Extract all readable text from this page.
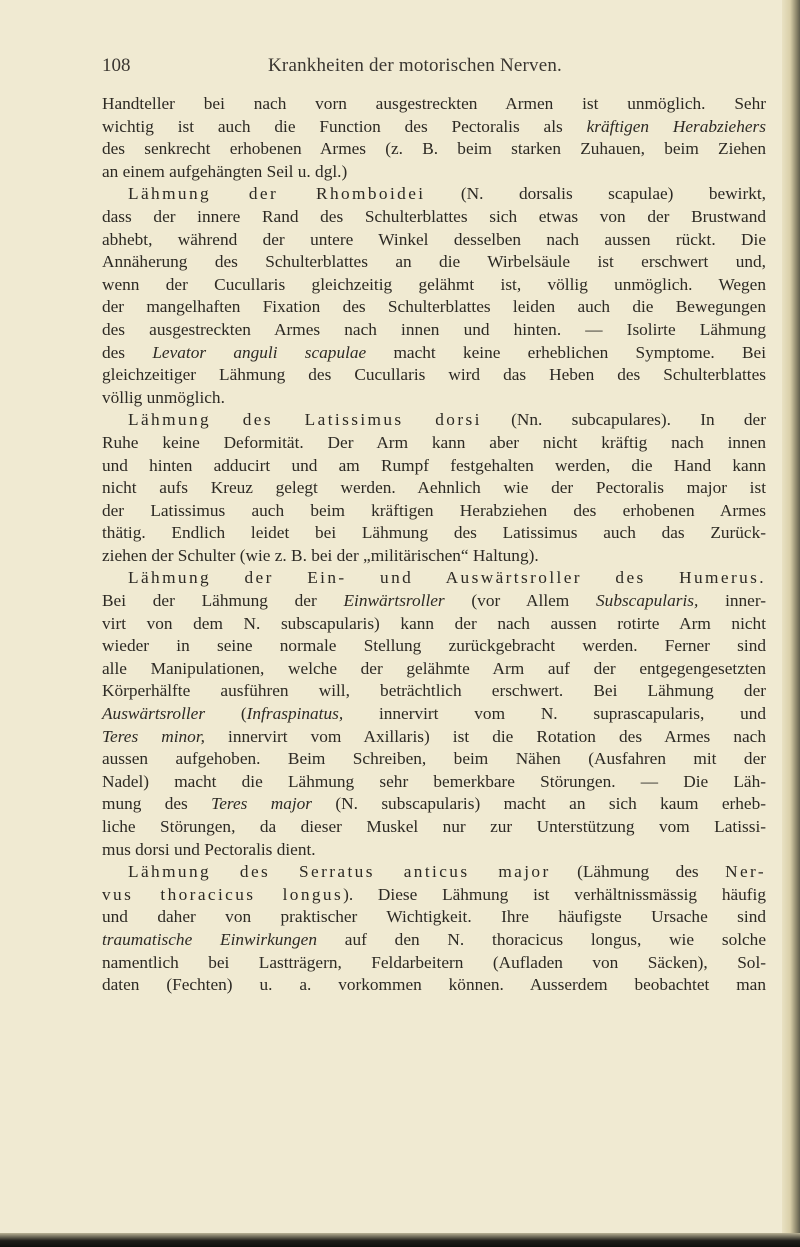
108	Krankheiten der motorischen Nerven.
Handteller bei nach vorn ausgestreckten Armen ist unmöglich. Sehr
wichtig ist auch die Function des Pectoralis als kräftigen Herabziehers
des senkrecht erhobenen Armes (z. B. beim starken Zuhauen, beim Ziehen
an einem aufgehängten Seil u. dgl.)
Lähmung der Rhomboidei (N. dorsalis scapulae) bewirkt,
dass der innere Rand des Schulterblattes sich etwas von der Brustwand
abhebt, während der untere Winkel desselben nach aussen rückt. Die
Annäherung des Schulterblattes an die Wirbelsäule ist erschwert und,
wenn der Cucullaris gleichzeitig gelähmt ist, völlig unmöglich. Wegen
der mangelhaften Fixation des Schulterblattes leiden auch die Bewegungen
des ausgestreckten Armes nach innen und hinten. — Isolirte Lähmung
des Levator anguli scapulae macht keine erheblichen Symptome. Bei
gleichzeitiger Lähmung des Cucullaris wird das Heben des Schulterblattes
völlig unmöglich.
Lähmung des Latissimus dorsi (Nn. subcapulares). In der
Ruhe keine Deformität. Der Arm kann aber nicht kräftig nach innen
und hinten adducirt und am Rumpf festgehalten werden, die Hand kann
nicht aufs Kreuz gelegt werden. Aehnlich wie der Pectoralis major ist
der Latissimus auch beim kräftigen Herabziehen des erhobenen Armes
thätig. Endlich leidet bei Lähmung des Latissimus auch das Zurück-
ziehen der Schulter (wie z. B. bei der „militärischen“ Haltung).
Lähmung der Ein- und Auswärtsroller des Humerus.
Bei der Lähmung der Einwärtsroller (vor Allem Subscapularis, inner-
virt von dem N. subscapularis) kann der nach aussen rotirte Arm nicht
wieder in seine normale Stellung zurückgebracht werden. Ferner sind
alle Manipulationen, welche der gelähmte Arm auf der entgegengesetzten
Körperhälfte ausführen will, beträchtlich erschwert. Bei Lähmung der
Auswärtsroller (Infraspinatus, innervirt vom N. suprascapularis, und
Teres minor, innervirt vom Axillaris) ist die Rotation des Armes nach
aussen aufgehoben. Beim Schreiben, beim Nähen (Ausfahren mit der
Nadel) macht die Lähmung sehr bemerkbare Störungen. — Die Läh-
mung des Teres major (N. subscapularis) macht an sich kaum erheb-
liche Störungen, da dieser Muskel nur zur Unterstützung vom Latissi-
mus dorsi und Pectoralis dient.
Lähmung des Serratus anticus major (Lähmung des Ner-
vus thoracicus longus). Diese Lähmung ist verhältnissmässig häufig
und daher von praktischer Wichtigkeit. Ihre häufigste Ursache sind
traumatische Einwirkungen auf den N. thoracicus longus, wie solche
namentlich bei Lastträgern, Feldarbeitern (Aufladen von Säcken), Sol-
daten (Fechten) u. a. vorkommen können. Ausserdem beobachtet man
